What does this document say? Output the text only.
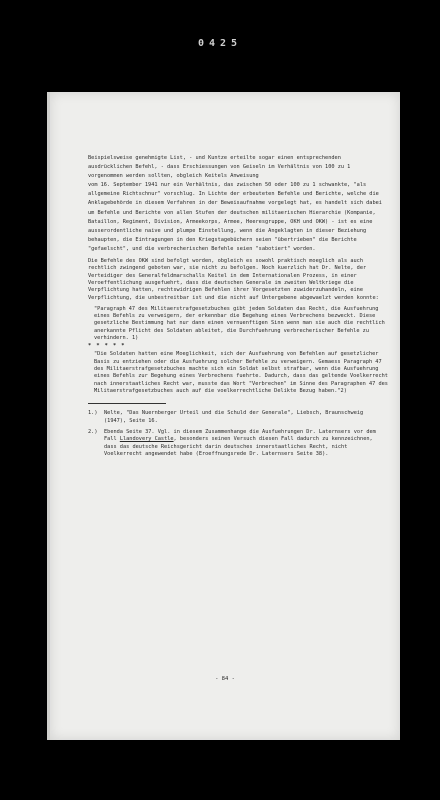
0425

Beispielsweise genehmigte List, - und Kuntze erteilte sogar einen entsprechenden ausdrücklichen Befehl, - dass Erschiessungen von Geiseln im Verhältnis von 100 zu 1 vorgenommen werden sollten, obgleich Keitels Anweisung

vom 16. September 1941 nur ein Verhältnis, das zwischen 50 oder 100 zu 1 schwankte, "als allgemeine Richtschnur" vorschlug. In Lichte der erbeuteten Befehle und Berichte, welche die Anklagebehörde in diesem Verfahren in der Beweisaufnahme vorgelegt hat, es handelt sich dabei um Befehle und Berichte von allen Stufen der deutschen militaerischen Hierarchie (Kompanie, Bataillon, Regiment, Division, Armeekorps, Armee, Heeresgruppe, OKH und OKW) - ist es eine ausserordentliche naive und plumpe Einstellung, wenn die Angeklagten in dieser Beziehung behaupten, die Eintragungen in den Kriegstagebüchern seien "übertrieben" die Berichte "gefaelscht", und die verbrecherischen Befehle seien "sabotiert" worden.

Die Befehle des OKW sind befolgt worden, obgleich es sowohl praktisch moeglich als auch rechtlich zwingend geboten war, sie nicht zu befolgen. Noch kuerzlich hat Dr. Nelte, der Verteidiger des Generalfeldmarschalls Keitel in dem Internationalen Prozess, in einer Veroeffentlichung ausgefuehrt, dass die deutschen Generale im zweiten Weltkriege die Verpflichtung hatten, rechtswidrigen Befehlen ihrer Vorgesetzten zuwiderzuhandeln, eine Verpflichtung, die unbestreitbar ist und die nicht auf Untergebene abgewaelzt werden konnte:

"Paragraph 47 des Militaerstrafgesetzbuches gibt jedem Soldaten das Recht, die Ausfuehrung eines Befehls zu verweigern, der erkennbar die Begehung eines Verbrechens bezweckt. Diese gesetzliche Bestimmung hat nur dann einen vernuenftigen Sinn wenn man sie auch die rechtlich anerkannte Pflicht des Soldaten ableitet, die Durchfuehrung verbrecherischer Befehle zu verhindern. 1)

* * * * *

"Die Soldaten hatten eine Moeglichkeit, sich der Ausfuehrung von Befehlen auf gesetzlicher Basis zu entziehen oder die Ausfuehrung solcher Befehle zu verweigern. Gemaess Paragraph 47 des Militaerstrafgesetzbuches machte sich ein Soldat selbst strafbar, wenn die Ausfuehrung eines Befehls zur Begehung eines Verbrechens fuehrte. Dadurch, dass das geltende Voelkerrecht nach innerstaatliches Recht war, musste das Wort "Verbrechen" im Sinne des Paragraphen 47 des Militaerstrafgesetzbuches auch auf die voelkerrechtliche Delikte Bezug haben."2)

1.)	Nelte, "Das Nuernberger Urteil und die Schuld der Generale", Liebsch, Braunschweig (1947), Seite 16.
2.)	Ebenda Seite 37. Vgl. in diesem Zusammenhange die Ausfuehrungen Dr. Laternsers vor dem Fall Llandovery Castle, besonders seinen Versuch diesen Fall dadurch zu kennzeichnen, dass das deutsche Reichsgericht darin deutsches innerstaatliches Recht, nicht Voelkerrecht angewendet habe (Eroeffnungsrede Dr. Laternsers Seite 38).
- 84 -
